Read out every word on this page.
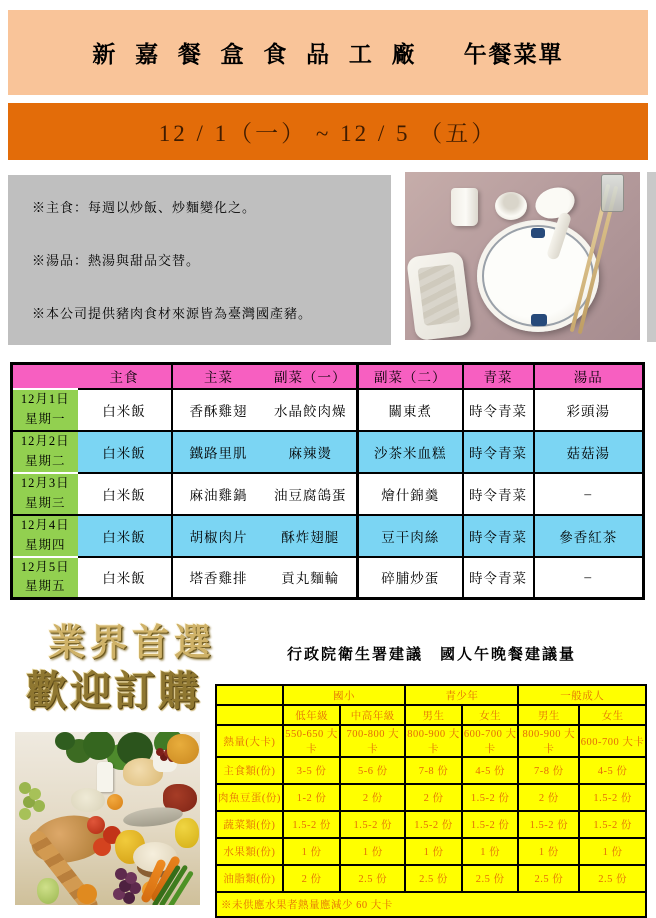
新 嘉 餐 盒 食 品 工 廠 午餐菜單
12 / 1（一） ~ 12 / 5 （五）
※主食：每週以炒飯、炒麵變化之。
※湯品：熱湯與甜品交替。
※本公司提供豬肉食材來源皆為臺灣國產豬。
	主食	主菜	副菜（一）	副菜（二）	青菜	湯品

12月1日
星期一	白米飯	香酥雞翅	水晶餃肉燥	關東煮	時令青菜	彩頭湯

12月2日
星期二	白米飯	鐵路里肌	麻辣燙	沙茶米血糕	時令青菜	菇菇湯

12月3日
星期三	白米飯	麻油雞鍋	油豆腐鴿蛋	燴什錦羹	時令青菜	–

12月4日
星期四	白米飯	胡椒肉片	酥炸翅腿	豆干肉絲	時令青菜	參香紅茶

12月5日
星期五	白米飯	塔香雞排	貢丸麵輪	碎脯炒蛋	時令青菜	–
業界首選
歡迎訂購
行政院衛生署建議　國人午晚餐建議量
	國小		青少年		一般成人	
	低年級	中高年級	男生	女生	男生	女生
熱量(大卡)	550-650 大卡	700-800 大卡	800-900 大卡	600-700 大卡	800-900 大卡	600-700 大卡
主食類(份)	3-5 份	5-6 份	7-8 份	4-5 份	7-8 份	4-5 份
肉魚豆蛋(份)	1-2 份	2 份	2 份	1.5-2 份	2 份	1.5-2 份
蔬菜類(份)	1.5-2 份	1.5-2 份	1.5-2 份	1.5-2 份	1.5-2 份	1.5-2 份
水果類(份)	1 份	1 份	1 份	1 份	1 份	1 份
油脂類(份)	2 份	2.5 份	2.5 份	2.5 份	2.5 份	2.5 份
※未供應水果者熱量應減少 60 大卡						
